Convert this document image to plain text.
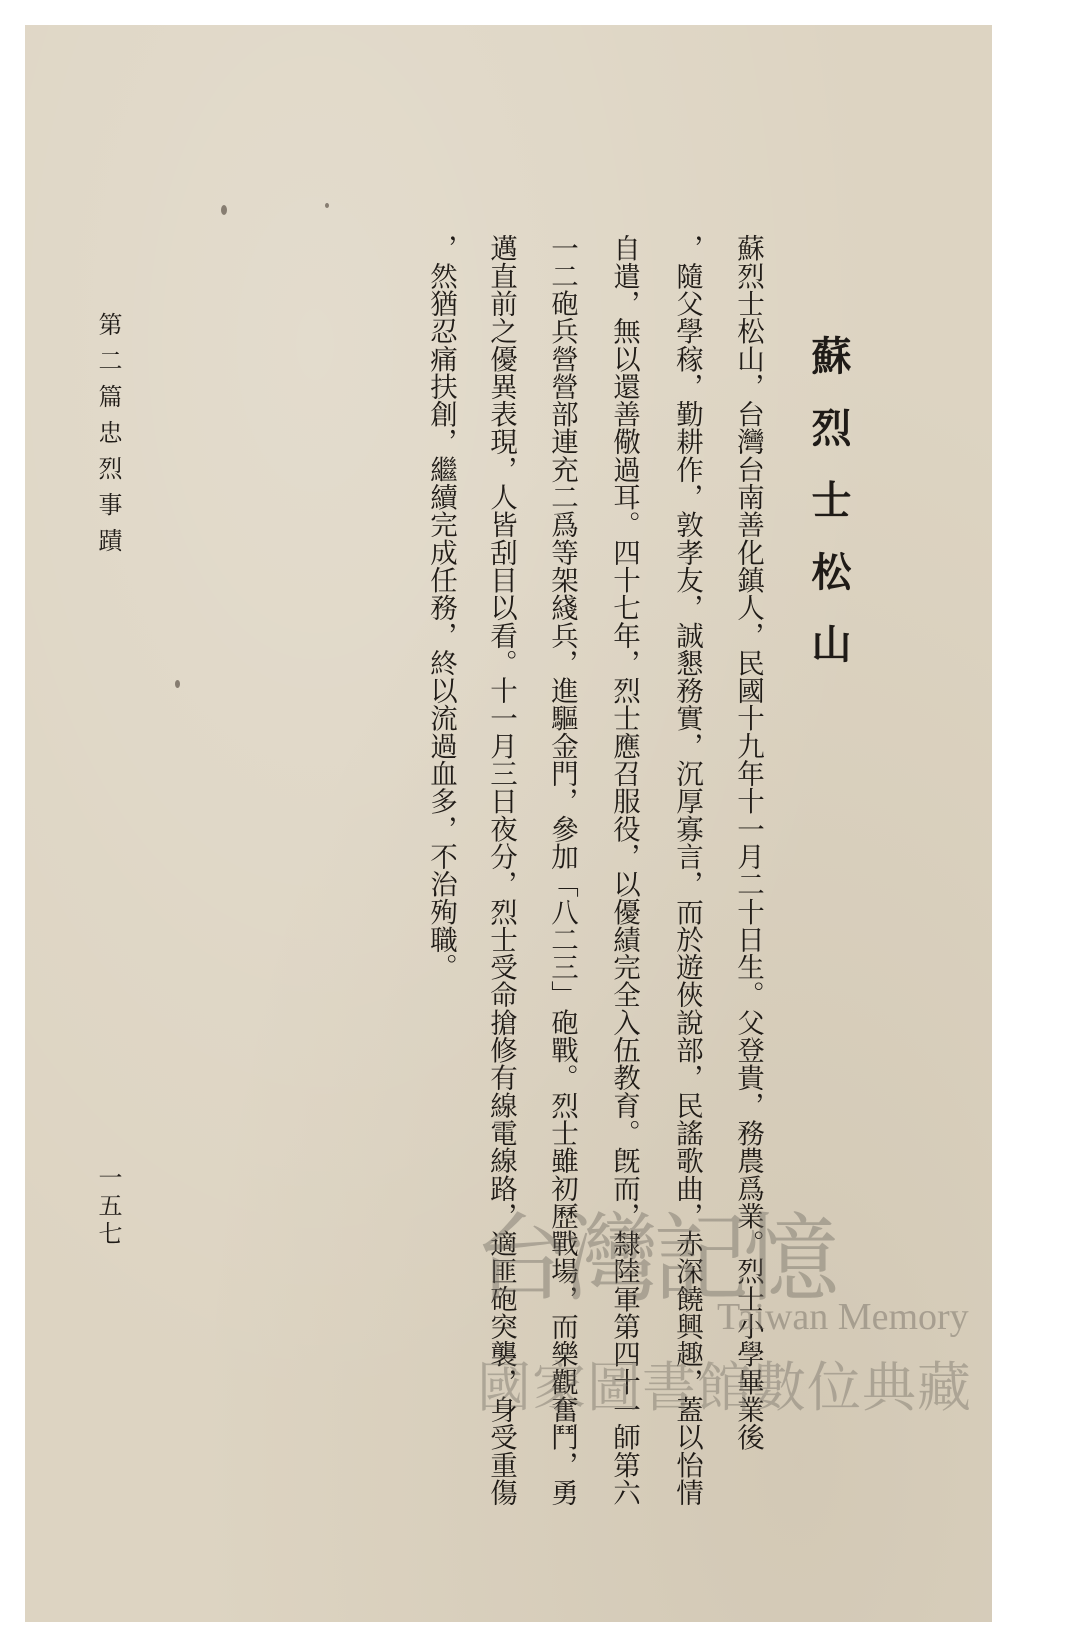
蘇烈士松山
蘇烈士松山，台灣台南善化鎮人，民國十九年十一月二十日生。父登貴，務農爲業。烈士小學畢業後
，隨父學稼，勤耕作，敦孝友，誠懇務實，沉厚寡言，而於遊俠說部，民謠歌曲，赤深饒興趣，蓋以怡情
自遣，無以還善儆過耳。四十七年，烈士應召服役，以優績完全入伍教育。旣而，隸陸軍第四十一師第六
一二砲兵營營部連充二爲等架綫兵，進驅金門，參加「八二三」砲戰。烈士雖初歷戰場，而樂觀奮鬥，勇
邁直前之優異表現，人皆刮目以看。十一月三日夜分，烈士受命搶修有線電線路，適匪砲突襲，身受重傷
，然猶忍痛扶創，繼續完成任務，終以流過血多，不治殉職。
第二篇忠烈事蹟
一五七	台灣記憶
Taiwan Memory
國家圖書館數位典藏
